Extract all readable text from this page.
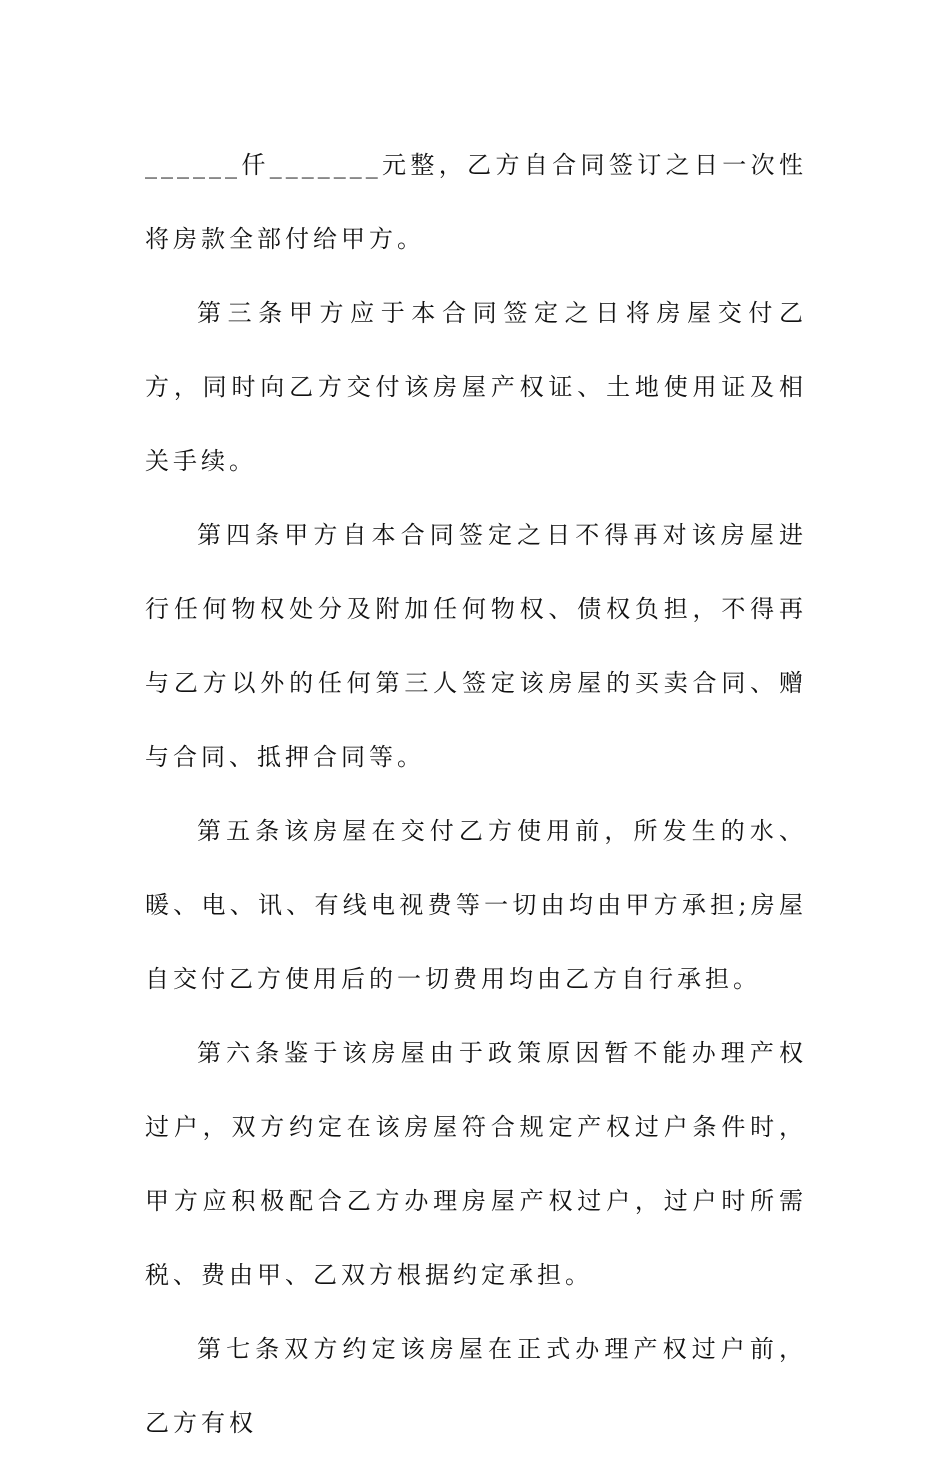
______仟_______元整，乙方自合同签订之日一次性将房款全部付给甲方。

第三条甲方应于本合同签定之日将房屋交付乙方，同时向乙方交付该房屋产权证、土地使用证及相关手续。

第四条甲方自本合同签定之日不得再对该房屋进行任何物权处分及附加任何物权、债权负担，不得再与乙方以外的任何第三人签定该房屋的买卖合同、赠与合同、抵押合同等。

第五条该房屋在交付乙方使用前，所发生的水、暖、电、讯、有线电视费等一切由均由甲方承担;房屋自交付乙方使用后的一切费用均由乙方自行承担。

第六条鉴于该房屋由于政策原因暂不能办理产权过户，双方约定在该房屋符合规定产权过户条件时，甲方应积极配合乙方办理房屋产权过户，过户时所需税、费由甲、乙双方根据约定承担。

第七条双方约定该房屋在正式办理产权过户前，乙方有权
